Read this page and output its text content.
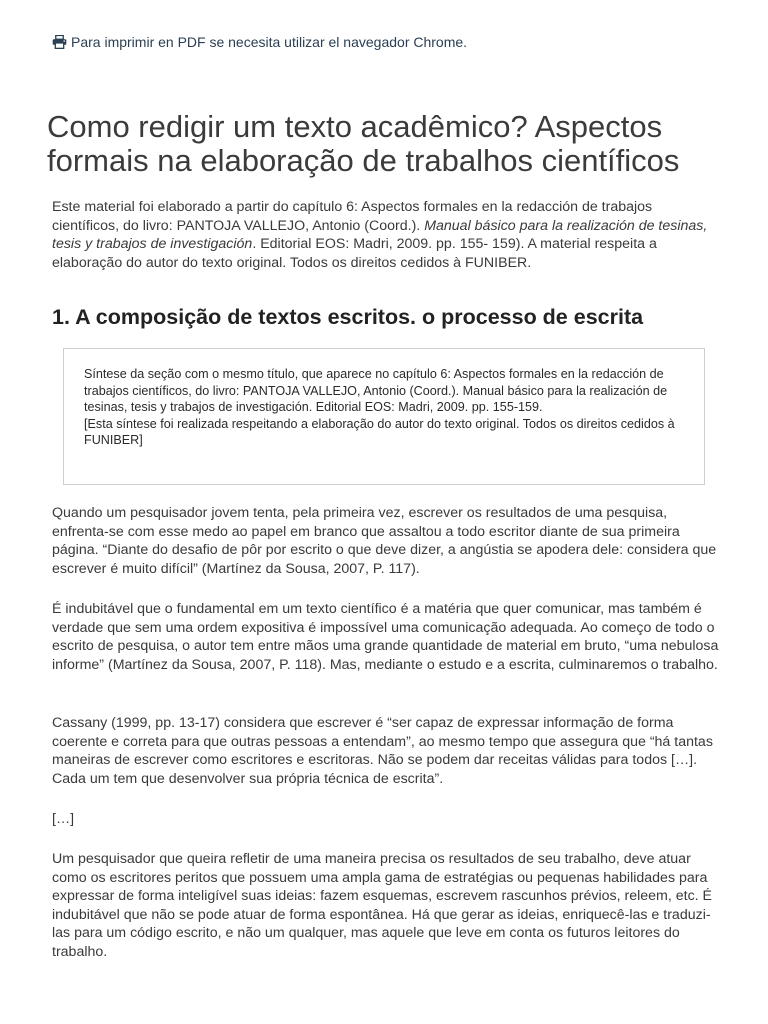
Para imprimir en PDF se necesita utilizar el navegador Chrome.
Como redigir um texto acadêmico? Aspectos formais na elaboração de trabalhos científicos

Este material foi elaborado a partir do capítulo 6: Aspectos formales en la redacción de trabajos científicos, do livro: PANTOJA VALLEJO, Antonio (Coord.). Manual básico para la realización de tesinas, tesis y trabajos de investigación. Editorial EOS: Madri, 2009. pp. 155- 159). A material respeita a elaboração do autor do texto original. Todos os direitos cedidos à FUNIBER.

1. A composição de textos escritos. o processo de escrita

Síntese da seção com o mesmo título, que aparece no capítulo 6: Aspectos formales en la redacción de trabajos científicos, do livro: PANTOJA VALLEJO, Antonio (Coord.). Manual básico para la realización de tesinas, tesis y trabajos de investigación. Editorial EOS: Madri, 2009. pp. 155-159.

[Esta síntese foi realizada respeitando a elaboração do autor do texto original. Todos os direitos cedidos à FUNIBER]

Quando um pesquisador jovem tenta, pela primeira vez, escrever os resultados de uma pesquisa, enfrenta-se com esse medo ao papel em branco que assaltou a todo escritor diante de sua primeira página. “Diante do desafio de pôr por escrito o que deve dizer, a angústia se apodera dele: considera que escrever é muito difícil” (Martínez da Sousa, 2007, P. 117).

É indubitável que o fundamental em um texto científico é a matéria que quer comunicar, mas também é verdade que sem uma ordem expositiva é impossível uma comunicação adequada. Ao começo de todo o escrito de pesquisa, o autor tem entre mãos uma grande quantidade de material em bruto, “uma nebulosa informe” (Martínez da Sousa, 2007, P. 118). Mas, mediante o estudo e a escrita, culminaremos o trabalho.

Cassany (1999, pp. 13-17) considera que escrever é “ser capaz de expressar informação de forma coerente e correta para que outras pessoas a entendam”, ao mesmo tempo que assegura que “há tantas maneiras de escrever como escritores e escritoras. Não se podem dar receitas válidas para todos […]. Cada um tem que desenvolver sua própria técnica de escrita”.

[…]

Um pesquisador que queira refletir de uma maneira precisa os resultados de seu trabalho, deve atuar como os escritores peritos que possuem uma ampla gama de estratégias ou pequenas habilidades para expressar de forma inteligível suas ideias: fazem esquemas, escrevem rascunhos prévios, releem, etc. É indubitável que não se pode atuar de forma espontânea. Há que gerar as ideias, enriquecê-las e traduzi-las para um código escrito, e não um qualquer, mas aquele que leve em conta os futuros leitores do trabalho.
